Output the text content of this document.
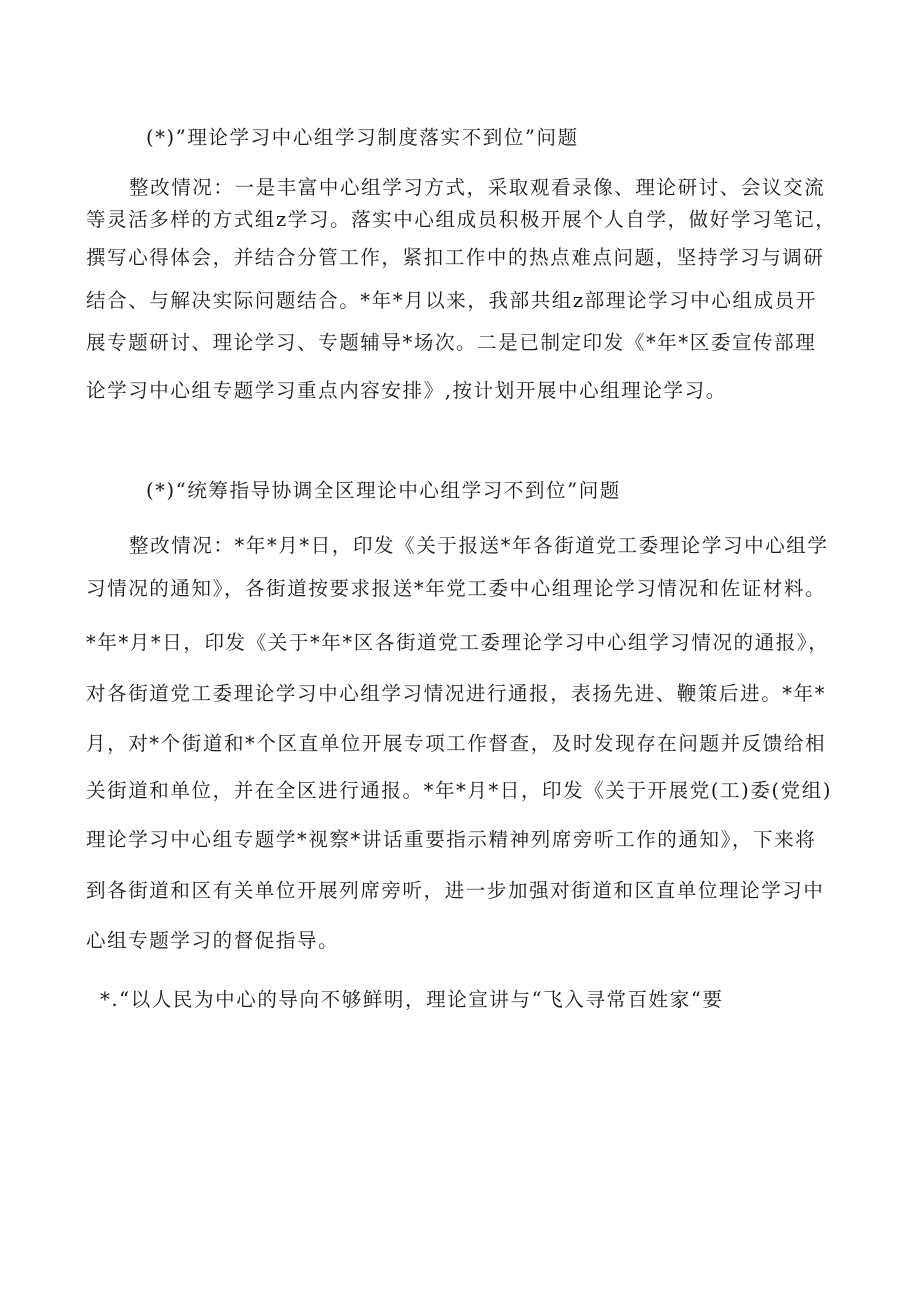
(*)”理论学习中心组学习制度落实不到位”问题
整改情况：一是丰富中心组学习方式，采取观看录像、理论研讨、会议交流
等灵活多样的方式组z学习。落实中心组成员积极开展个人自学，做好学习笔记，
撰写心得体会，并结合分管工作，紧扣工作中的热点难点问题，坚持学习与调研
结合、与解决实际问题结合。*年*月以来，我部共组z部理论学习中心组成员开
展专题研讨、理论学习、专题辅导*场次。二是已制定印发《*年*区委宣传部理
论学习中心组专题学习重点内容安排》,按计划开展中心组理论学习。
(*)“统筹指导协调全区理论中心组学习不到位”问题
整改情况：*年*月*日，印发《关于报送*年各街道党工委理论学习中心组学
习情况的通知》，各街道按要求报送*年党工委中心组理论学习情况和佐证材料。
*年*月*日，印发《关于*年*区各街道党工委理论学习中心组学习情况的通报》，
对各街道党工委理论学习中心组学习情况进行通报，表扬先进、鞭策后进。*年*
月，对*个街道和*个区直单位开展专项工作督查，及时发现存在问题并反馈给相
关街道和单位，并在全区进行通报。*年*月*日，印发《关于开展党(工)委(党组)
理论学习中心组专题学*视察*讲话重要指示精神列席旁听工作的通知》，下来将
到各街道和区有关单位开展列席旁听，进一步加强对街道和区直单位理论学习中
心组专题学习的督促指导。
*.“以人民为中心的导向不够鲜明，理论宣讲与“飞入寻常百姓家“要
